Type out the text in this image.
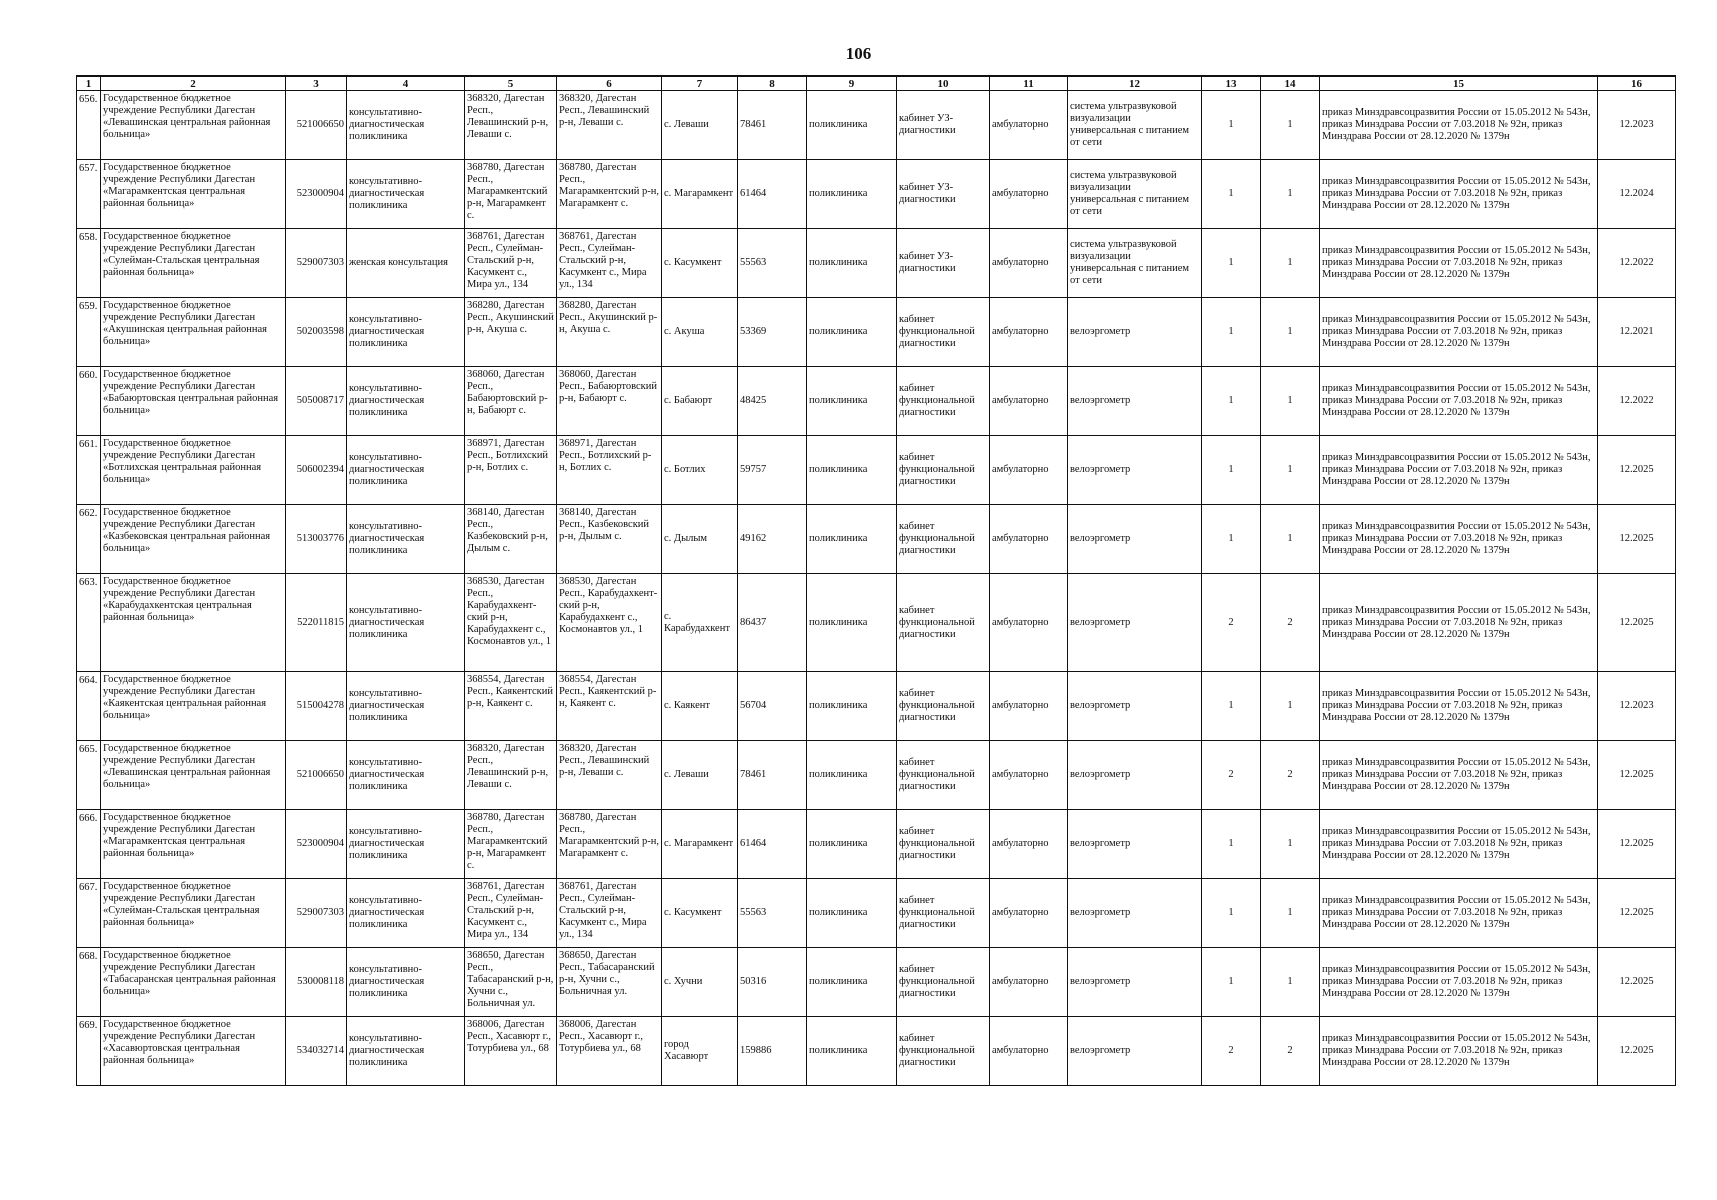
106
1	2	3	4	5	6	7	8	9	10	11	12	13	14	15	16
656.	Государственное бюджетное учреждение Республики Дагестан «Левашинская центральная районная больница»	521006650	консультативно-диагностическая поликлиника	368320, Дагестан Респ., Левашинский р-н, Леваши с.	368320, Дагестан Респ., Левашинский р-н, Леваши с.	с. Леваши	78461	поликлиника	кабинет УЗ-диагностики	амбулаторно	система ультразвуковой визуализации универсальная с питанием от сети	1	1	приказ Минздравсоцразвития России от 15.05.2012 № 543н, приказ Минздрава России от 7.03.2018 № 92н, приказ Минздрава России от 28.12.2020 № 1379н	12.2023
657.	Государственное бюджетное учреждение Республики Дагестан «Магарамкентская центральная районная больница»	523000904	консультативно-диагностическая поликлиника	368780, Дагестан Респ., Магарамкентский р-н, Магарамкент с.	368780, Дагестан Респ., Магарамкентский р-н, Магарамкент с.	с. Магарамкент	61464	поликлиника	кабинет УЗ-диагностики	амбулаторно	система ультразвуковой визуализации универсальная с питанием от сети	1	1	приказ Минздравсоцразвития России от 15.05.2012 № 543н, приказ Минздрава России от 7.03.2018 № 92н, приказ Минздрава России от 28.12.2020 № 1379н	12.2024
658.	Государственное бюджетное учреждение Республики Дагестан «Сулейман-Стальская центральная районная больница»	529007303	женская консультация	368761, Дагестан Респ., Сулейман-Стальский р-н, Касумкент с., Мира ул., 134	368761, Дагестан Респ., Сулейман-Стальский р-н, Касумкент с., Мира ул., 134	с. Касумкент	55563	поликлиника	кабинет УЗ-диагностики	амбулаторно	система ультразвуковой визуализации универсальная с питанием от сети	1	1	приказ Минздравсоцразвития России от 15.05.2012 № 543н, приказ Минздрава России от 7.03.2018 № 92н, приказ Минздрава России от 28.12.2020 № 1379н	12.2022
659.	Государственное бюджетное учреждение Республики Дагестан «Акушинская центральная районная больница»	502003598	консультативно-диагностическая поликлиника	368280, Дагестан Респ., Акушинский р-н, Акуша с.	368280, Дагестан Респ., Акушинский р-н, Акуша с.	с. Акуша	53369	поликлиника	кабинет функциональной диагностики	амбулаторно	велоэргометр	1	1	приказ Минздравсоцразвития России от 15.05.2012 № 543н, приказ Минздрава России от 7.03.2018 № 92н, приказ Минздрава России от 28.12.2020 № 1379н	12.2021
660.	Государственное бюджетное учреждение Республики Дагестан «Бабаюртовская центральная районная больница»	505008717	консультативно-диагностическая поликлиника	368060, Дагестан Респ., Бабаюртовский р-н, Бабаюрт с.	368060, Дагестан Респ., Бабаюртовский р-н, Бабаюрт с.	с. Бабаюрт	48425	поликлиника	кабинет функциональной диагностики	амбулаторно	велоэргометр	1	1	приказ Минздравсоцразвития России от 15.05.2012 № 543н, приказ Минздрава России от 7.03.2018 № 92н, приказ Минздрава России от 28.12.2020 № 1379н	12.2022
661.	Государственное бюджетное учреждение Республики Дагестан «Ботлихская центральная районная больница»	506002394	консультативно-диагностическая поликлиника	368971, Дагестан Респ., Ботлихский р-н, Ботлих с.	368971, Дагестан Респ., Ботлихский р-н, Ботлих с.	с. Ботлих	59757	поликлиника	кабинет функциональной диагностики	амбулаторно	велоэргометр	1	1	приказ Минздравсоцразвития России от 15.05.2012 № 543н, приказ Минздрава России от 7.03.2018 № 92н, приказ Минздрава России от 28.12.2020 № 1379н	12.2025
662.	Государственное бюджетное учреждение Республики Дагестан «Казбековская центральная районная больница»	513003776	консультативно-диагностическая поликлиника	368140, Дагестан Респ., Казбековский р-н, Дылым с.	368140, Дагестан Респ., Казбековский р-н, Дылым с.	с. Дылым	49162	поликлиника	кабинет функциональной диагностики	амбулаторно	велоэргометр	1	1	приказ Минздравсоцразвития России от 15.05.2012 № 543н, приказ Минздрава России от 7.03.2018 № 92н, приказ Минздрава России от 28.12.2020 № 1379н	12.2025
663.	Государственное бюджетное учреждение Республики Дагестан «Карабудахкентская центральная районная больница»	522011815	консультативно-диагностическая поликлиника	368530, Дагестан Респ., Карабудахкент-ский р-н, Карабудахкент с., Космонавтов ул., 1	368530, Дагестан Респ., Карабудахкент-ский р-н, Карабудахкент с., Космонавтов ул., 1	с. Карабудахкент	86437	поликлиника	кабинет функциональной диагностики	амбулаторно	велоэргометр	2	2	приказ Минздравсоцразвития России от 15.05.2012 № 543н, приказ Минздрава России от 7.03.2018 № 92н, приказ Минздрава России от 28.12.2020 № 1379н	12.2025
664.	Государственное бюджетное учреждение Республики Дагестан «Каякентская центральная районная больница»	515004278	консультативно-диагностическая поликлиника	368554, Дагестан Респ., Каякентский р-н, Каякент с.	368554, Дагестан Респ., Каякентский р-н, Каякент с.	с. Каякент	56704	поликлиника	кабинет функциональной диагностики	амбулаторно	велоэргометр	1	1	приказ Минздравсоцразвития России от 15.05.2012 № 543н, приказ Минздрава России от 7.03.2018 № 92н, приказ Минздрава России от 28.12.2020 № 1379н	12.2023
665.	Государственное бюджетное учреждение Республики Дагестан «Левашинская центральная районная больница»	521006650	консультативно-диагностическая поликлиника	368320, Дагестан Респ., Левашинский р-н, Леваши с.	368320, Дагестан Респ., Левашинский р-н, Леваши с.	с. Леваши	78461	поликлиника	кабинет функциональной диагностики	амбулаторно	велоэргометр	2	2	приказ Минздравсоцразвития России от 15.05.2012 № 543н, приказ Минздрава России от 7.03.2018 № 92н, приказ Минздрава России от 28.12.2020 № 1379н	12.2025
666.	Государственное бюджетное учреждение Республики Дагестан «Магарамкентская центральная районная больница»	523000904	консультативно-диагностическая поликлиника	368780, Дагестан Респ., Магарамкентский р-н, Магарамкент с.	368780, Дагестан Респ., Магарамкентский р-н, Магарамкент с.	с. Магарамкент	61464	поликлиника	кабинет функциональной диагностики	амбулаторно	велоэргометр	1	1	приказ Минздравсоцразвития России от 15.05.2012 № 543н, приказ Минздрава России от 7.03.2018 № 92н, приказ Минздрава России от 28.12.2020 № 1379н	12.2025
667.	Государственное бюджетное учреждение Республики Дагестан «Сулейман-Стальская центральная районная больница»	529007303	консультативно-диагностическая поликлиника	368761, Дагестан Респ., Сулейман-Стальский р-н, Касумкент с., Мира ул., 134	368761, Дагестан Респ., Сулейман-Стальский р-н, Касумкент с., Мира ул., 134	с. Касумкент	55563	поликлиника	кабинет функциональной диагностики	амбулаторно	велоэргометр	1	1	приказ Минздравсоцразвития России от 15.05.2012 № 543н, приказ Минздрава России от 7.03.2018 № 92н, приказ Минздрава России от 28.12.2020 № 1379н	12.2025
668.	Государственное бюджетное учреждение Республики Дагестан «Табасаранская центральная районная больница»	530008118	консультативно-диагностическая поликлиника	368650, Дагестан Респ., Табасаранский р-н, Хучни с., Больничная ул.	368650, Дагестан Респ., Табасаранский р-н, Хучни с., Больничная ул.	с. Хучни	50316	поликлиника	кабинет функциональной диагностики	амбулаторно	велоэргометр	1	1	приказ Минздравсоцразвития России от 15.05.2012 № 543н, приказ Минздрава России от 7.03.2018 № 92н, приказ Минздрава России от 28.12.2020 № 1379н	12.2025
669.	Государственное бюджетное учреждение Республики Дагестан «Хасавюртовская центральная районная больница»	534032714	консультативно-диагностическая поликлиника	368006, Дагестан Респ., Хасавюрт г., Тотурбиева ул., 68	368006, Дагестан Респ., Хасавюрт г., Тотурбиева ул., 68	город Хасавюрт	159886	поликлиника	кабинет функциональной диагностики	амбулаторно	велоэргометр	2	2	приказ Минздравсоцразвития России от 15.05.2012 № 543н, приказ Минздрава России от 7.03.2018 № 92н, приказ Минздрава России от 28.12.2020 № 1379н	12.2025
